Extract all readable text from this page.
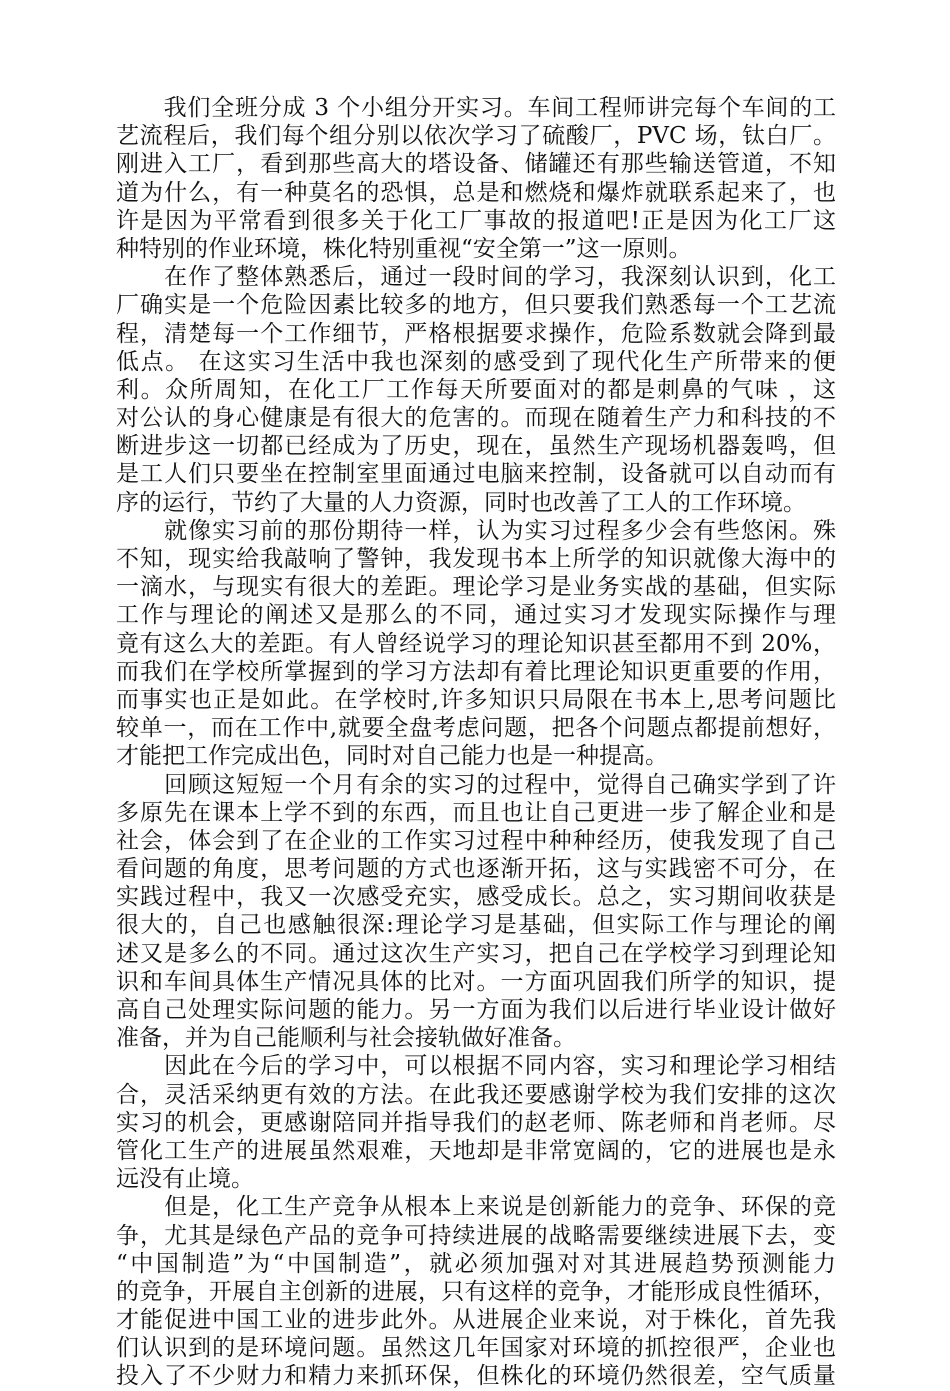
　　我们全班分成 3 个小组分开实习。车间工程师讲完每个车间的工
艺流程后，我们每个组分别以依次学习了硫酸厂，PVC 场，钛白厂。
刚进入工厂，看到那些高大的塔设备、储罐还有那些输送管道，不知
道为什么，有一种莫名的恐惧，总是和燃烧和爆炸就联系起来了，也
许是因为平常看到很多关于化工厂事故的报道吧!正是因为化工厂这
种特别的作业环境，株化特别重视“安全第一”这一原则。
　　在作了整体熟悉后，通过一段时间的学习，我深刻认识到，化工
厂确实是一个危险因素比较多的地方，但只要我们熟悉每一个工艺流
程，清楚每一个工作细节，严格根据要求操作，危险系数就会降到最
低点。 在这实习生活中我也深刻的感受到了现代化生产所带来的便
利。众所周知，在化工厂工作每天所要面对的都是刺鼻的气味 ，这
对公认的身心健康是有很大的危害的。而现在随着生产力和科技的不
断进步这一切都已经成为了历史，现在，虽然生产现场机器轰鸣，但
是工人们只要坐在控制室里面通过电脑来控制，设备就可以自动而有
序的运行，节约了大量的人力资源，同时也改善了工人的工作环境。
　　就像实习前的那份期待一样，认为实习过程多少会有些悠闲。殊
不知，现实给我敲响了警钟，我发现书本上所学的知识就像大海中的
一滴水，与现实有很大的差距。理论学习是业务实战的基础，但实际
工作与理论的阐述又是那么的不同，通过实习才发现实际操作与理
竟有这么大的差距。有人曾经说学习的理论知识甚至都用不到 20%，
而我们在学校所掌握到的学习方法却有着比理论知识更重要的作用，
而事实也正是如此。在学校时,许多知识只局限在书本上,思考问题比
较单一，而在工作中,就要全盘考虑问题，把各个问题点都提前想好，
才能把工作完成出色，同时对自己能力也是一种提高。
　　回顾这短短一个月有余的实习的过程中，觉得自己确实学到了许
多原先在课本上学不到的东西，而且也让自己更进一步了解企业和是
社会，体会到了在企业的工作实习过程中种种经历，使我发现了自己
看问题的角度，思考问题的方式也逐渐开拓，这与实践密不可分，在
实践过程中，我又一次感受充实，感受成长。总之，实习期间收获是
很大的，自己也感触很深:理论学习是基础，但实际工作与理论的阐
述又是多么的不同。通过这次生产实习，把自己在学校学习到理论知
识和车间具体生产情况具体的比对。一方面巩固我们所学的知识，提
高自己处理实际问题的能力。另一方面为我们以后进行毕业设计做好
准备，并为自己能顺利与社会接轨做好准备。
　　因此在今后的学习中，可以根据不同内容，实习和理论学习相结
合，灵活采纳更有效的方法。在此我还要感谢学校为我们安排的这次
实习的机会，更感谢陪同并指导我们的赵老师、陈老师和肖老师。尽
管化工生产的进展虽然艰难，天地却是非常宽阔的，它的进展也是永
远没有止境。
　　但是，化工生产竞争从根本上来说是创新能力的竞争、环保的竞
争，尤其是绿色产品的竞争可持续进展的战略需要继续进展下去，变
“中国制造”为“中国制造”，就必须加强对对其进展趋势预测能力
的竞争，开展自主创新的进展，只有这样的竞争，才能形成良性循环，
才能促进中国工业的进步此外。从进展企业来说，对于株化，首先我
们认识到的是环境问题。虽然这几年国家对环境的抓控很严，企业也
投入了不少财力和精力来抓环保，但株化的环境仍然很差，空气质量
